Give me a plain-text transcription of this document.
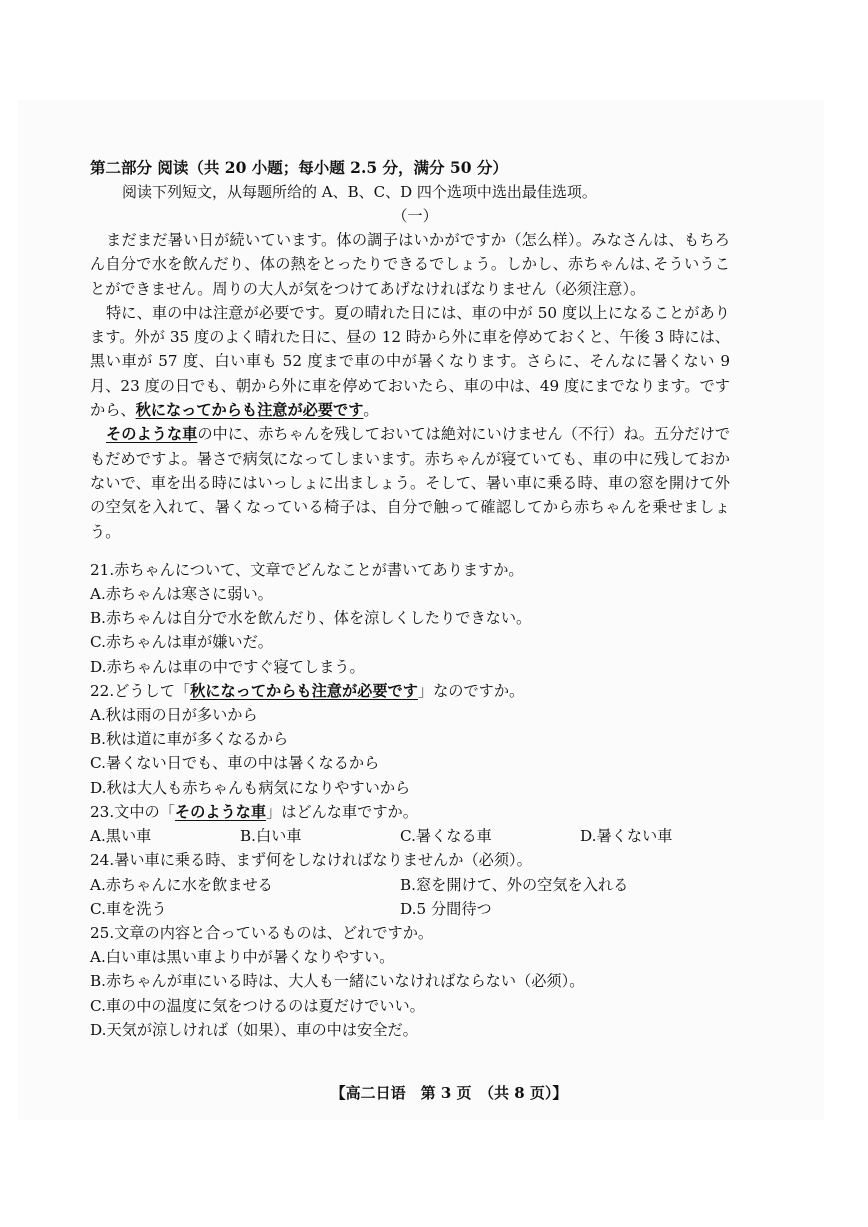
第二部分 阅读（共 20 小题；每小题 2.5 分，满分 50 分）

阅读下列短文，从每题所给的 A、B、C、D 四个选项中选出最佳选项。

（一）

まだまだ暑い日が続いています。体の調子はいかがですか（怎么样）。みなさんは、もちろん自分で水を飲んだり、体の熱をとったりできるでしょう。しかし、赤ちゃんは､そういうことができません。周りの大人が気をつけてあげなければなりません（必须注意）。

特に、車の中は注意が必要です。夏の晴れた日には、車の中が 50 度以上になることがあります。外が 35 度のよく晴れた日に、昼の 12 時から外に車を停めておくと、午後 3 時には、黒い車が 57 度、白い車も 52 度まで車の中が暑くなります。さらに、そんなに暑くない 9 月、23 度の日でも、朝から外に車を停めておいたら、車の中は、49 度にまでなります。ですから、秋になってからも注意が必要です。

そのような車の中に、赤ちゃんを残しておいては絶対にいけません（不行）ね。五分だけでもだめですよ。暑さで病気になってしまいます。赤ちゃんが寝ていても、車の中に残しておかないで、車を出る時にはいっしょに出ましょう。そして、暑い車に乗る時、車の窓を開けて外の空気を入れて、暑くなっている椅子は、自分で触って確認してから赤ちゃんを乗せましょう。

21.赤ちゃんについて、文章でどんなことが書いてありますか。

A.赤ちゃんは寒さに弱い。

B.赤ちゃんは自分で水を飲んだり、体を涼しくしたりできない。

C.赤ちゃんは車が嫌いだ。

D.赤ちゃんは車の中ですぐ寝てしまう。

22.どうして「秋になってからも注意が必要です」なのですか。

A.秋は雨の日が多いから

B.秋は道に車が多くなるから

C.暑くない日でも、車の中は暑くなるから

D.秋は大人も赤ちゃんも病気になりやすいから

23.文中の「そのような車」はどんな車ですか。

A.黒い車	B.白い車	C.暑くなる車	D.暑くない車

24.暑い車に乗る時、まず何をしなければなりませんか（必须）。

A.赤ちゃんに水を飲ませる	B.窓を開けて、外の空気を入れる
C.車を洗う	D.5 分間待つ

25.文章の内容と合っているものは、どれですか。

A.白い車は黒い車より中が暑くなりやすい。

B.赤ちゃんが車にいる時は、大人も一緒にいなければならない（必须）。

C.車の中の温度に気をつけるのは夏だけでいい。

D.天気が涼しければ（如果）、車の中は安全だ。

【高二日语　第 3 页　（共 8 页）】
